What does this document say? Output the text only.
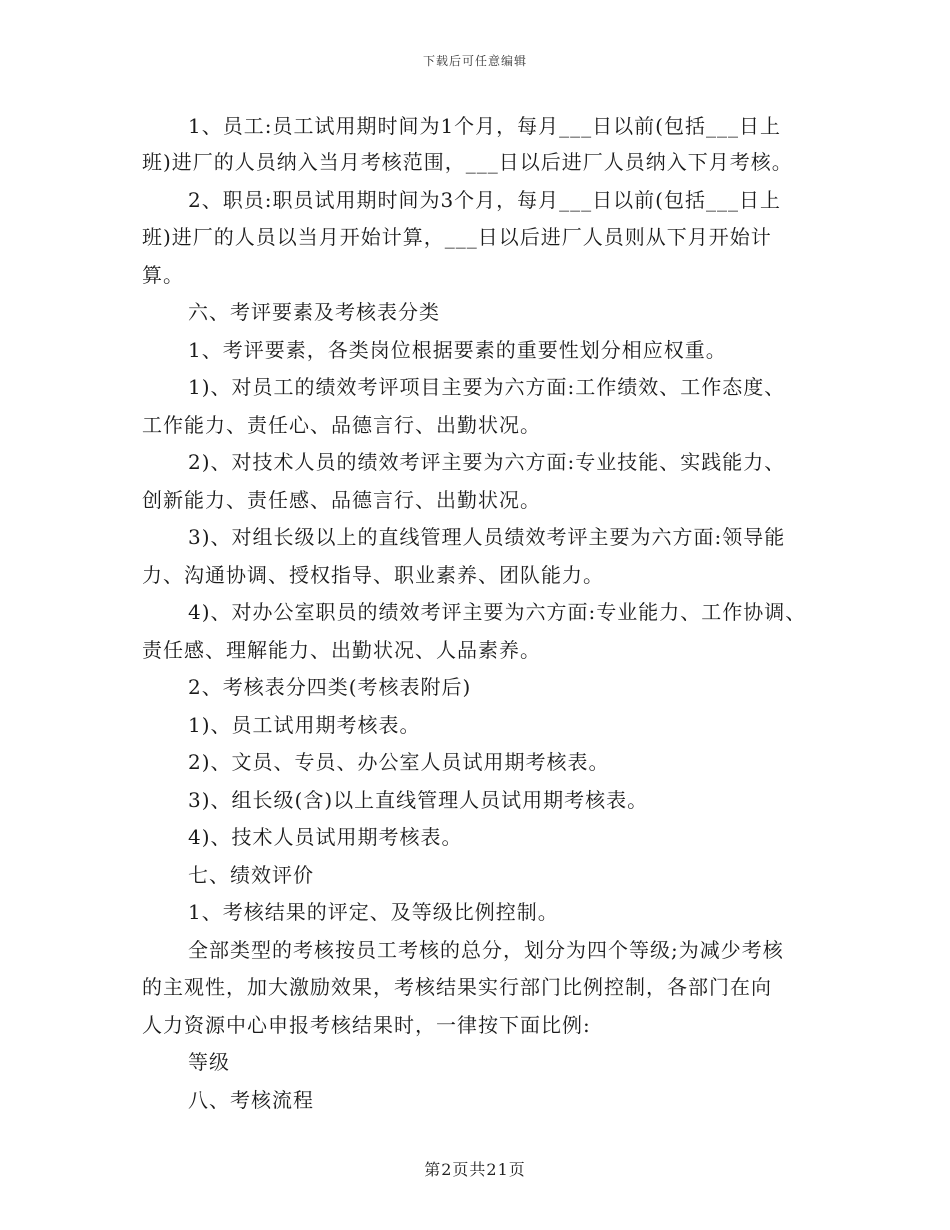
下载后可任意编辑
1、员工:员工试用期时间为1个月，每月___日以前(包括___日上
班)进厂的人员纳入当月考核范围，___日以后进厂人员纳入下月考核。
2、职员:职员试用期时间为3个月，每月___日以前(包括___日上
班)进厂的人员以当月开始计算，___日以后进厂人员则从下月开始计
算。
六、考评要素及考核表分类
1、考评要素，各类岗位根据要素的重要性划分相应权重。
1)、对员工的绩效考评项目主要为六方面:工作绩效、工作态度、
工作能力、责任心、品德言行、出勤状况。
2)、对技术人员的绩效考评主要为六方面:专业技能、实践能力、
创新能力、责任感、品德言行、出勤状况。
3)、对组长级以上的直线管理人员绩效考评主要为六方面:领导能
力、沟通协调、授权指导、职业素养、团队能力。
4)、对办公室职员的绩效考评主要为六方面:专业能力、工作协调、
责任感、理解能力、出勤状况、人品素养。
2、考核表分四类(考核表附后)
1)、员工试用期考核表。
2)、文员、专员、办公室人员试用期考核表。
3)、组长级(含)以上直线管理人员试用期考核表。
4)、技术人员试用期考核表。
七、绩效评价
1、考核结果的评定、及等级比例控制。
全部类型的考核按员工考核的总分，划分为四个等级;为减少考核
的主观性，加大激励效果，考核结果实行部门比例控制，各部门在向
人力资源中心申报考核结果时，一律按下面比例:
等级
八、考核流程
第2页共21页
